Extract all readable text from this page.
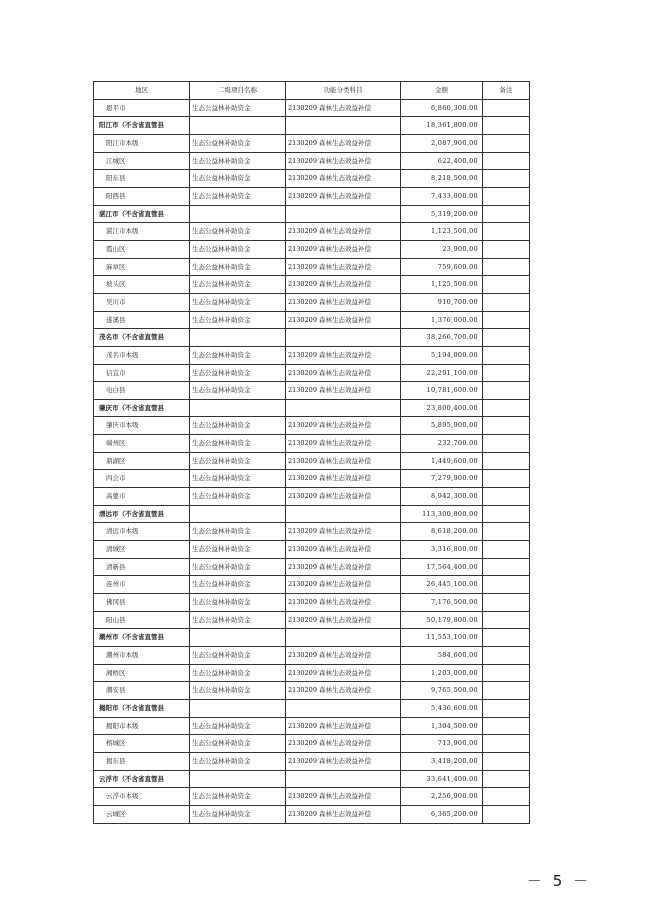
地区	二级项目名称	功能分类科目	金额	备注
恩平市	生态公益林补助资金	2130209 森林生态效益补偿	6,860,300.00	
阳江市（不含省直管县			18,361,800.00	
阳江市本级	生态公益林补助资金	2130209 森林生态效益补偿	2,087,900.00	
江城区	生态公益林补助资金	2130209 森林生态效益补偿	622,400.00	
阳东县	生态公益林补助资金	2130209 森林生态效益补偿	8,218,500.00	
阳西县	生态公益林补助资金	2130209 森林生态效益补偿	7,433,000.00	
湛江市（不含省直管县			5,319,200.00	
湛江市本级	生态公益林补助资金	2130209 森林生态效益补偿	1,123,500.00	
霞山区	生态公益林补助资金	2130209 森林生态效益补偿	23,900.00	
麻章区	生态公益林补助资金	2130209 森林生态效益补偿	759,600.00	
坡头区	生态公益林补助资金	2130209 森林生态效益补偿	1,125,500.00	
吴川市	生态公益林补助资金	2130209 森林生态效益补偿	910,700.00	
遂溪县	生态公益林补助资金	2130209 森林生态效益补偿	1,376,000.00	
茂名市（不含省直管县			38,266,700.00	
茂名市本级	生态公益林补助资金	2130209 森林生态效益补偿	5,194,000.00	
信宜市	生态公益林补助资金	2130209 森林生态效益补偿	22,291,100.00	
电白县	生态公益林补助资金	2130209 森林生态效益补偿	10,781,600.00	
肇庆市（不含省直管县			23,800,400.00	
肇庆市本级	生态公益林补助资金	2130209 森林生态效益补偿	5,895,900.00	
端州区	生态公益林补助资金	2130209 森林生态效益补偿	232,700.00	
鼎湖区	生态公益林补助资金	2130209 森林生态效益补偿	1,449,600.00	
四会市	生态公益林补助资金	2130209 森林生态效益补偿	7,279,900.00	
高要市	生态公益林补助资金	2130209 森林生态效益补偿	8,942,300.00	
清远市（不含省直管县			113,300,800.00	
清远市本级	生态公益林补助资金	2130209 森林生态效益补偿	8,618,200.00	
清城区	生态公益林补助资金	2130209 森林生态效益补偿	3,316,800.00	
清新县	生态公益林补助资金	2130209 森林生态效益补偿	17,564,400.00	
连州市	生态公益林补助资金	2130209 森林生态效益补偿	26,445,100.00	
佛冈县	生态公益林补助资金	2130209 森林生态效益补偿	7,176,500.00	
阳山县	生态公益林补助资金	2130209 森林生态效益补偿	50,179,800.00	
潮州市（不含省直管县			11,553,100.00	
潮州市本级	生态公益林补助资金	2130209 森林生态效益补偿	584,600.00	
湘桥区	生态公益林补助资金	2130209 森林生态效益补偿	1,203,000.00	
潮安县	生态公益林补助资金	2130209 森林生态效益补偿	9,765,500.00	
揭阳市（不含省直管县			5,436,600.00	
揭阳市本级	生态公益林补助资金	2130209 森林生态效益补偿	1,304,500.00	
榕城区	生态公益林补助资金	2130209 森林生态效益补偿	713,900.00	
揭东县	生态公益林补助资金	2130209 森林生态效益补偿	3,418,200.00	
云浮市（不含省直管县			33,641,400.00	
云浮市本级	生态公益林补助资金	2130209 森林生态效益补偿	2,256,900.00	
云城区	生态公益林补助资金	2130209 森林生态效益补偿	6,365,200.00	
－ 5 －
